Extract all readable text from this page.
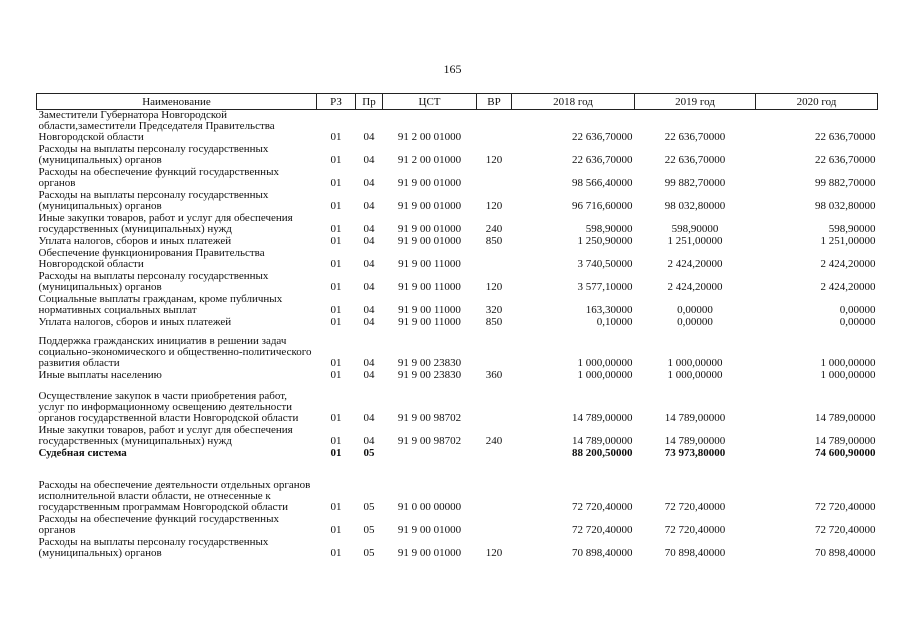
165
Наименование	РЗ	Пр	ЦСТ	ВР	2018 год	2019 год	2020 год
Заместители Губернатора Новгородской области,заместители Председателя Правительства Новгородской области	01	04	91 2 00 01000		22 636,70000	22 636,70000	22 636,70000
Расходы на выплаты персоналу государственных (муниципальных) органов	01	04	91 2 00 01000	120	22 636,70000	22 636,70000	22 636,70000
Расходы на обеспечение функций государственных органов	01	04	91 9 00 01000		98 566,40000	99 882,70000	99 882,70000
Расходы на выплаты персоналу государственных (муниципальных) органов	01	04	91 9 00 01000	120	96 716,60000	98 032,80000	98 032,80000
Иные закупки товаров, работ и услуг для обеспечения государственных (муниципальных) нужд	01	04	91 9 00 01000	240	598,90000	598,90000	598,90000
Уплата налогов, сборов и иных платежей	01	04	91 9 00 01000	850	1 250,90000	1 251,00000	1 251,00000
Обеспечение функционирования Правительства Новгородской области	01	04	91 9 00 11000		3 740,50000	2 424,20000	2 424,20000
Расходы на выплаты персоналу государственных (муниципальных) органов	01	04	91 9 00 11000	120	3 577,10000	2 424,20000	2 424,20000
Социальные выплаты гражданам, кроме публичных нормативных социальных выплат	01	04	91 9 00 11000	320	163,30000	0,00000	0,00000
Уплата налогов, сборов и иных платежей	01	04	91 9 00 11000	850	0,10000	0,00000	0,00000
Поддержка гражданских инициатив в решении задач социально-экономического и общественно-политического развития области	01	04	91 9 00 23830		1 000,00000	1 000,00000	1 000,00000
Иные выплаты населению	01	04	91 9 00 23830	360	1 000,00000	1 000,00000	1 000,00000
Осуществление закупок в части приобретения работ, услуг по информационному освещению деятельности органов государственной власти Новгородской области	01	04	91 9 00 98702		14 789,00000	14 789,00000	14 789,00000
Иные закупки товаров, работ и услуг для обеспечения государственных (муниципальных) нужд	01	04	91 9 00 98702	240	14 789,00000	14 789,00000	14 789,00000
Судебная система	01	05			88 200,50000	73 973,80000	74 600,90000
Расходы на обеспечение деятельности отдельных органов исполнительной власти области, не отнесенные к государственным программам Новгородской области	01	05	91 0 00 00000		72 720,40000	72 720,40000	72 720,40000
Расходы на обеспечение функций государственных органов	01	05	91 9 00 01000		72 720,40000	72 720,40000	72 720,40000
Расходы на выплаты персоналу государственных (муниципальных) органов	01	05	91 9 00 01000	120	70 898,40000	70 898,40000	70 898,40000
